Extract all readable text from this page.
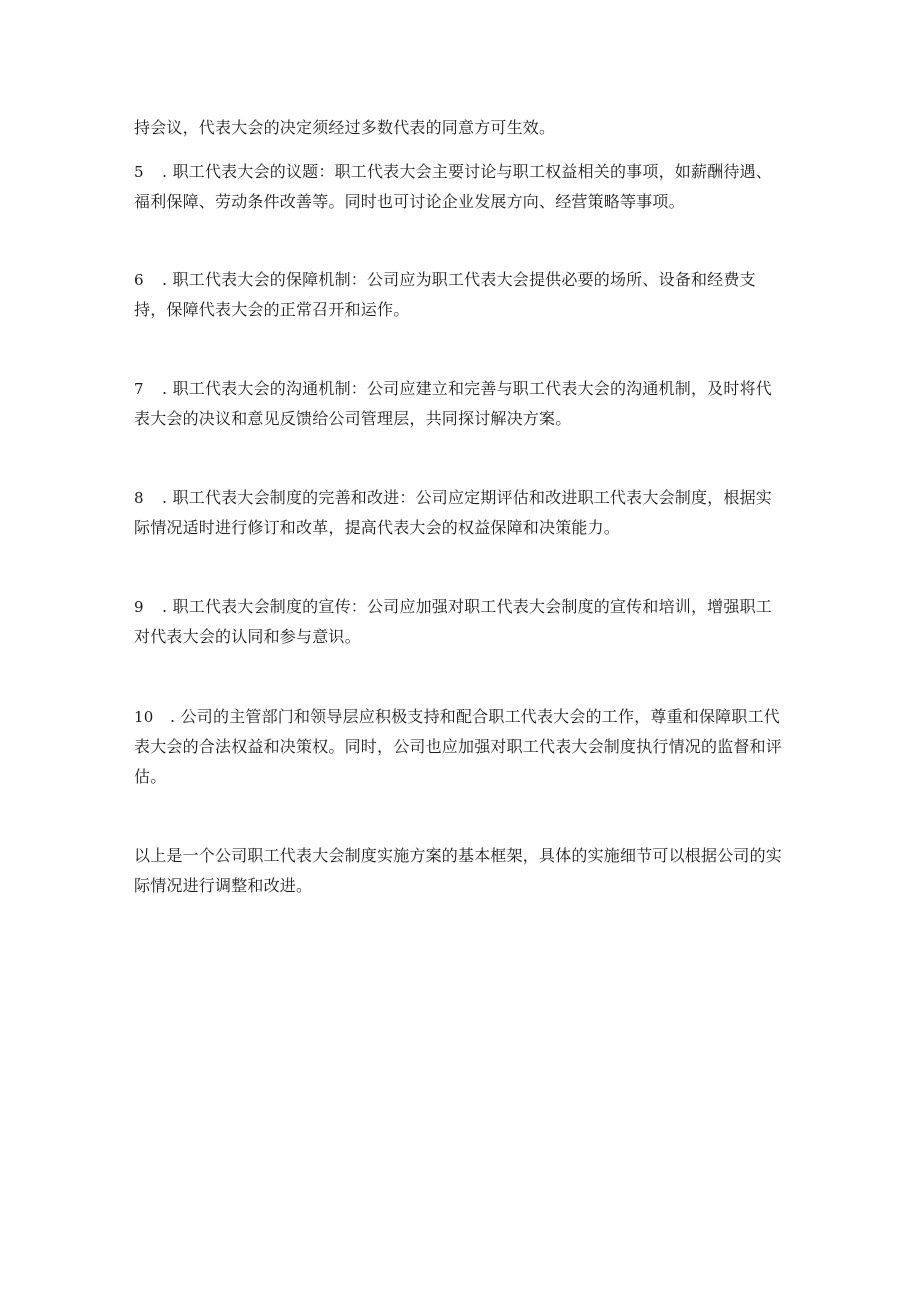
持会议，代表大会的决定须经过多数代表的同意方可生效。

5 . 职工代表大会的议题：职工代表大会主要讨论与职工权益相关的事项，如薪酬待遇、福利保障、劳动条件改善等。同时也可讨论企业发展方向、经营策略等事项。

6 . 职工代表大会的保障机制：公司应为职工代表大会提供必要的场所、设备和经费支持，保障代表大会的正常召开和运作。

7 . 职工代表大会的沟通机制：公司应建立和完善与职工代表大会的沟通机制，及时将代表大会的决议和意见反馈给公司管理层，共同探讨解决方案。

8 . 职工代表大会制度的完善和改进：公司应定期评估和改进职工代表大会制度，根据实际情况适时进行修订和改革，提高代表大会的权益保障和决策能力。

9 . 职工代表大会制度的宣传：公司应加强对职工代表大会制度的宣传和培训，增强职工对代表大会的认同和参与意识。

10 . 公司的主管部门和领导层应积极支持和配合职工代表大会的工作，尊重和保障职工代表大会的合法权益和决策权。同时，公司也应加强对职工代表大会制度执行情况的监督和评估。

以上是一个公司职工代表大会制度实施方案的基本框架，具体的实施细节可以根据公司的实际情况进行调整和改进。
